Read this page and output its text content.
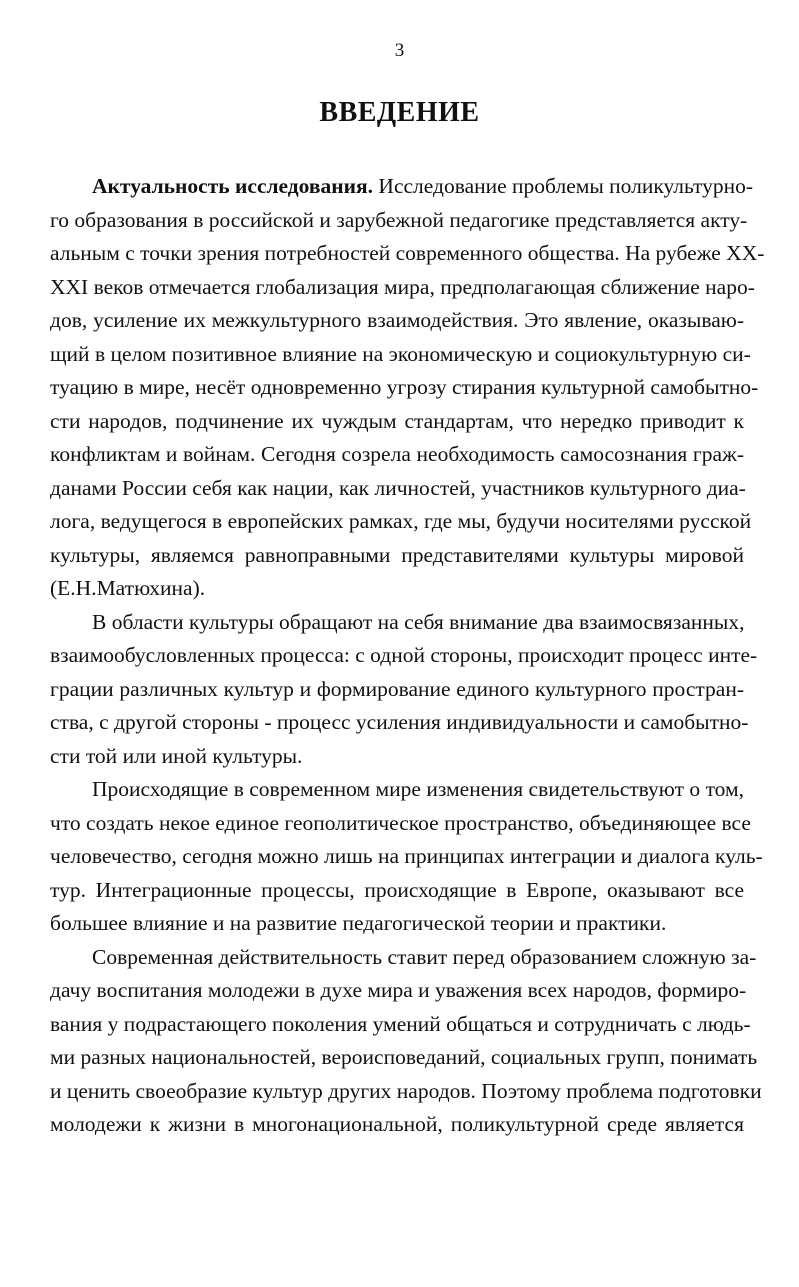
3
ВВЕДЕНИЕ
Актуальность исследования. Исследование проблемы поликультурно-
го образования в российской и зарубежной педагогике представляется акту-
альным с точки зрения потребностей современного общества. На рубеже XX-
XXI веков отмечается глобализация мира, предполагающая сближение наро-
дов, усиление их межкультурного взаимодействия. Это явление, оказываю-
щий в целом позитивное влияние на экономическую и социокультурную си-
туацию в мире, несёт одновременно угрозу стирания культурной самобытно-
сти народов, подчинение их чуждым стандартам, что нередко приводит к
конфликтам и войнам. Сегодня созрела необходимость самосознания граж-
данами России себя как нации, как личностей, участников культурного диа-
лога, ведущегося в европейских рамках, где мы, будучи носителями русской
культуры, являемся равноправными представителями культуры мировой
(Е.Н.Матюхина).
В области культуры обращают на себя внимание два взаимосвязанных,
взаимообусловленных процесса: с одной стороны, происходит процесс инте-
грации различных культур и формирование единого культурного простран-
ства, с другой стороны - процесс усиления индивидуальности и самобытно-
сти той или иной культуры.
Происходящие в современном мире изменения свидетельствуют о том,
что создать некое единое геополитическое пространство, объединяющее все
человечество, сегодня можно лишь на принципах интеграции и диалога куль-
тур. Интеграционные процессы, происходящие в Европе, оказывают все
большее влияние и на развитие педагогической теории и практики.
Современная действительность ставит перед образованием сложную за-
дачу воспитания молодежи в духе мира и уважения всех народов, формиро-
вания у подрастающего поколения умений общаться и сотрудничать с людь-
ми разных национальностей, вероисповеданий, социальных групп, понимать
и ценить своеобразие культур других народов. Поэтому проблема подготовки
молодежи к жизни в многонациональной, поликультурной среде является
